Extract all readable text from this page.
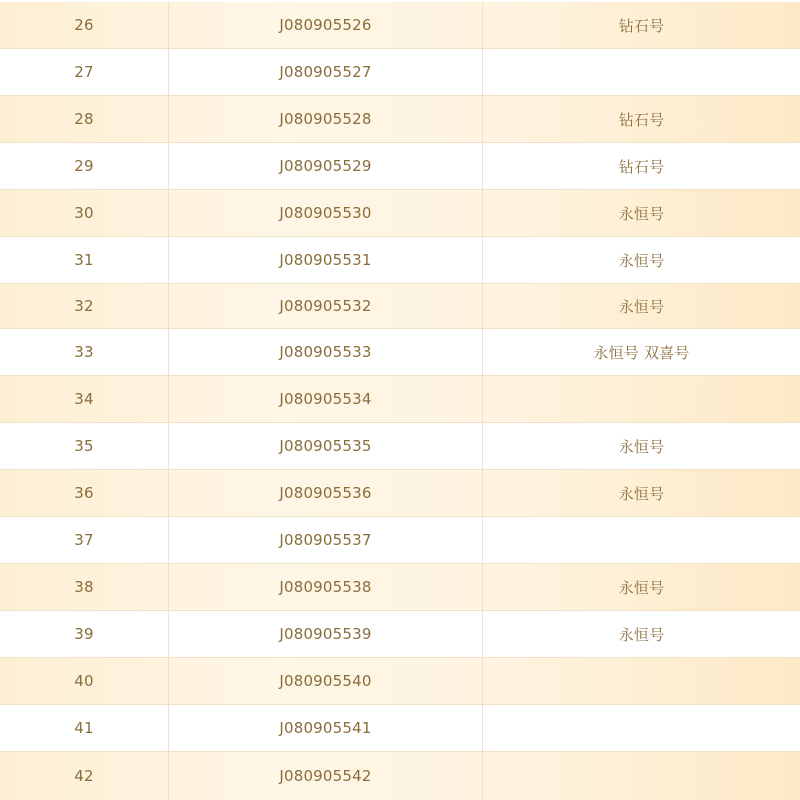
26	J080905526	钻石号
27	J080905527
28	J080905528	钻石号
29	J080905529	钻石号
30	J080905530	永恒号
31	J080905531	永恒号
32	J080905532	永恒号
33	J080905533	永恒号 双喜号
34	J080905534
35	J080905535	永恒号
36	J080905536	永恒号
37	J080905537
38	J080905538	永恒号
39	J080905539	永恒号
40	J080905540
41	J080905541
42	J080905542
